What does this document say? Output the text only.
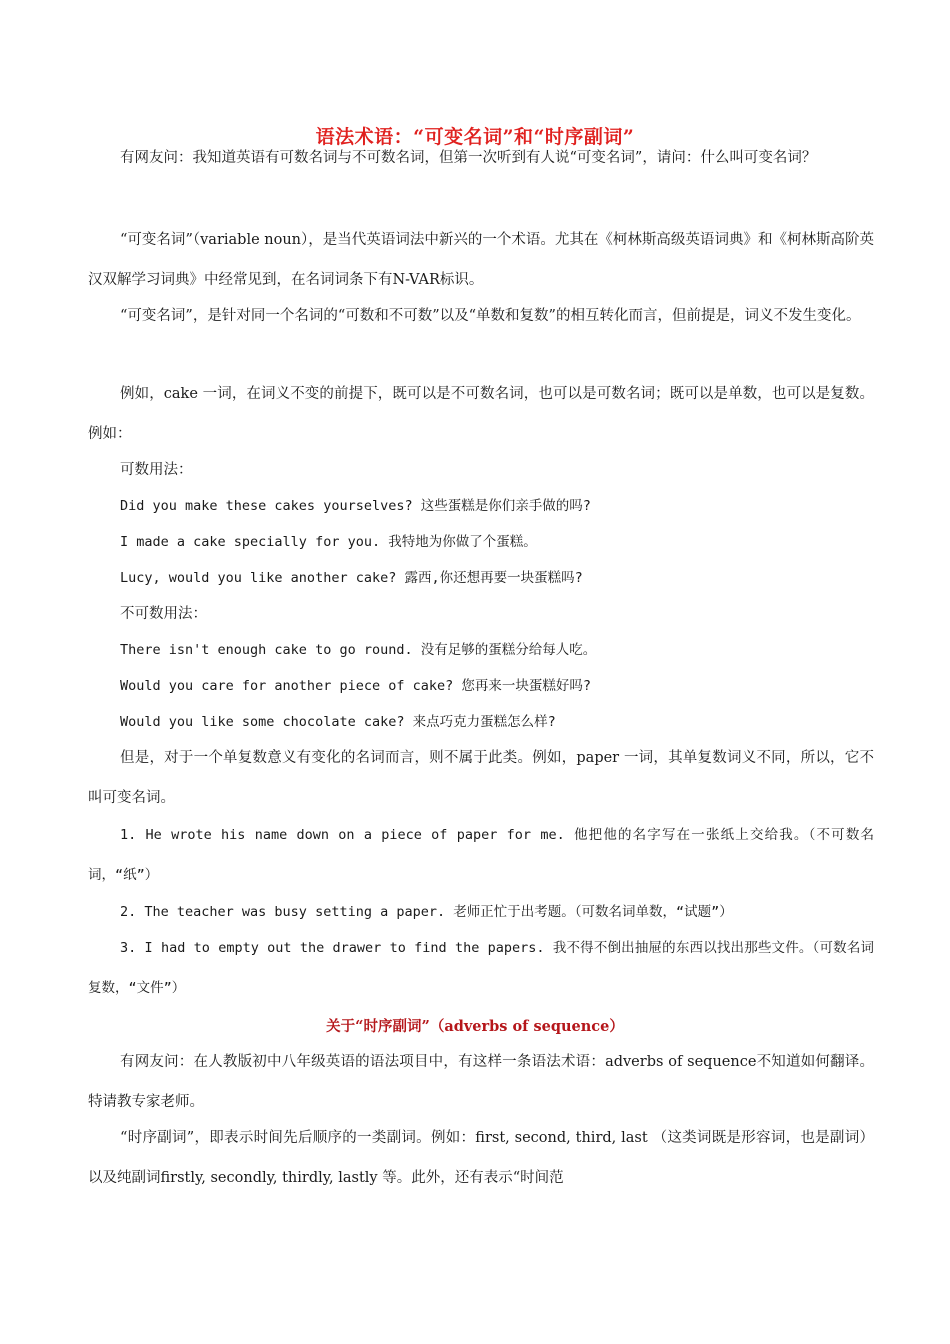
语法术语：“可变名词”和“时序副词”
有网友问：我知道英语有可数名词与不可数名词，但第一次听到有人说“可变名词”，请问：什么叫可变名词？
“可变名词”（variable noun），是当代英语词法中新兴的一个术语。尤其在《柯林斯高级英语词典》和《柯林斯高阶英汉双解学习词典》中经常见到，在名词词条下有N-VAR标识。
“可变名词”，是针对同一个名词的“可数和不可数”以及“单数和复数”的相互转化而言，但前提是，词义不发生变化。
例如，cake 一词，在词义不变的前提下，既可以是不可数名词，也可以是可数名词；既可以是单数，也可以是复数。例如：
可数用法：
Did you make these cakes yourselves? 这些蛋糕是你们亲手做的吗?
I made a cake specially for you. 我特地为你做了个蛋糕。
Lucy, would you like another cake? 露西,你还想再要一块蛋糕吗?
不可数用法：
There isn't enough cake to go round. 没有足够的蛋糕分给每人吃。
Would you care for another piece of cake? 您再来一块蛋糕好吗?
Would you like some chocolate cake? 来点巧克力蛋糕怎么样?
但是，对于一个单复数意义有变化的名词而言，则不属于此类。例如，paper 一词，其单复数词义不同，所以，它不叫可变名词。
1. He wrote his name down on a piece of paper for me. 他把他的名字写在一张纸上交给我。（不可数名词，“纸”）
2. The teacher was busy setting a paper. 老师正忙于出考题。（可数名词单数，“试题”）
3. I had to empty out the drawer to find the papers. 我不得不倒出抽屉的东西以找出那些文件。（可数名词复数，“文件”）
关于“时序副词”（adverbs of sequence）
有网友问：在人教版初中八年级英语的语法项目中，有这样一条语法术语：adverbs of sequence不知道如何翻译。特请教专家老师。
“时序副词”，即表示时间先后顺序的一类副词。例如：first, second, third, last （这类词既是形容词，也是副词）以及纯副词firstly, secondly, thirdly, lastly 等。此外，还有表示“时间范
